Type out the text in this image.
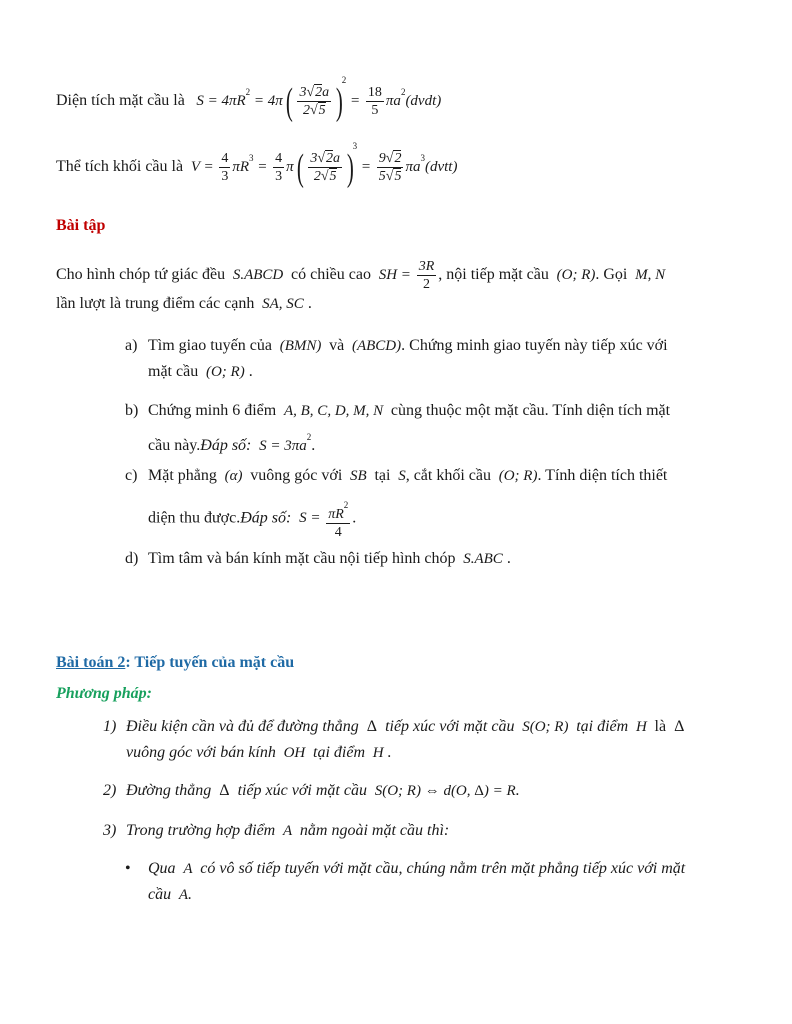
Diện tích mặt cầu là   $S = 4\pi R^2 = 4\pi( \frac{3√2a}{2√5} )^2 = \frac{18}{5}$ $\pi a^2(dvdt)$
Thể tích khối cầu là  $V = \frac{4}{3} \pi R^3 = \frac{4}{3} \pi( \frac{3√2a}{2√5} )^3 = \frac{9√2}{5√5}$ $\pi a^3(dvtt)$
Bài tập
Cho hình chóp tứ giác đều  S.ABCD  có chiều cao  SH = $\frac{3R}{2}$ , nội tiếp mặt cầu  (O; R). Gọi  M, N
lần lượt là trung điểm các cạnh  SA, SC .
a) Tìm giao tuyến của  (BMN)  và  (ABCD). Chứng minh giao tuyến này tiếp xúc với
mặt cầu  (O; R) .
b) Chứng minh 6 điểm  A, B, C, D, M, N  cùng thuộc một mặt cầu. Tính diện tích mặt
cầu này.Đáp số:  $S = 3\pi a^2$.
c) Mặt phẳng  (α)  vuông góc với  SB  tại  S, cắt khối cầu  (O; R). Tính diện tích thiết
diện thu được.Đáp số:  $S = \frac{\pi R^2}{4}$ .
d) Tìm tâm và bán kính mặt cầu nội tiếp hình chóp  S.ABC .
Bài toán 2: Tiếp tuyến của mặt cầu
Phương pháp:
1) Điều kiện cần và đủ để đường thẳng  Δ  tiếp xúc với mặt cầu  S(O; R)  tại điểm  H  là  Δ
vuông góc với bán kính  OH  tại điểm  H .
2) Đường thẳng  Δ  tiếp xúc với mặt cầu  S(O; R) ⇔ d(O, Δ) = R.
3) Trong trường hợp điểm  A  nằm ngoài mặt cầu thì:
• Qua  A  có vô số tiếp tuyến với mặt cầu, chúng nằm trên mặt phẳng tiếp xúc với mặt
cầu  A.
